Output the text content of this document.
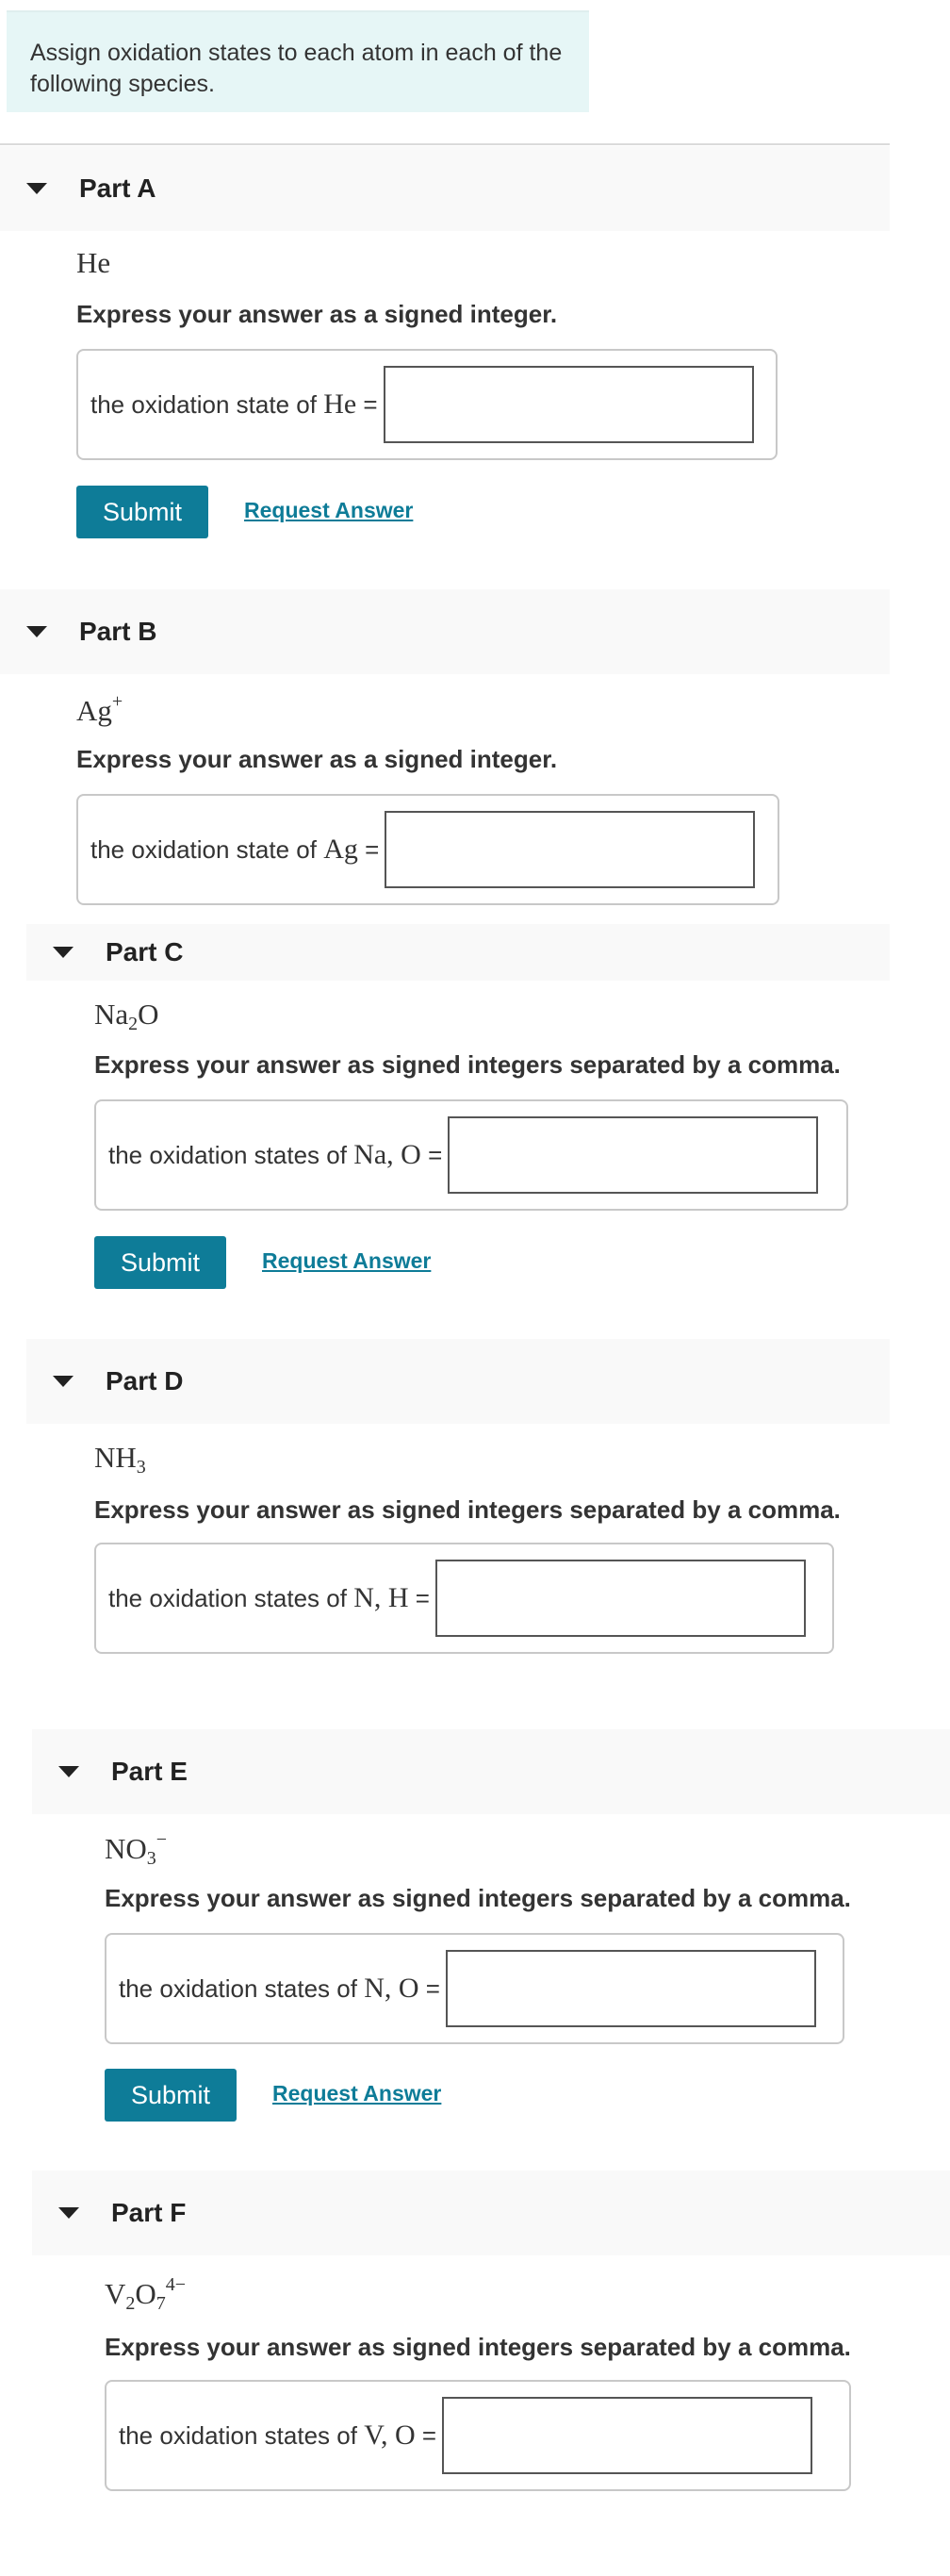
Assign oxidation states to each atom in each of the following species.
Part A
He
Express your answer as a signed integer.
the oxidation state of He =
Submit	Request Answer
Part B
Ag+
Express your answer as a signed integer.
the oxidation state of Ag =
Part C
$Na_2O$
Express your answer as signed integers separated by a comma.
the oxidation states of Na, O =
Submit	Request Answer
Part D
$NH_3$
Express your answer as signed integers separated by a comma.
the oxidation states of N, H =
Part E
$NO_3^-$
Express your answer as signed integers separated by a comma.
the oxidation states of N, O =
Submit	Request Answer
Part F
$V_2O_7^{4-}$
Express your answer as signed integers separated by a comma.
the oxidation states of V, O =
